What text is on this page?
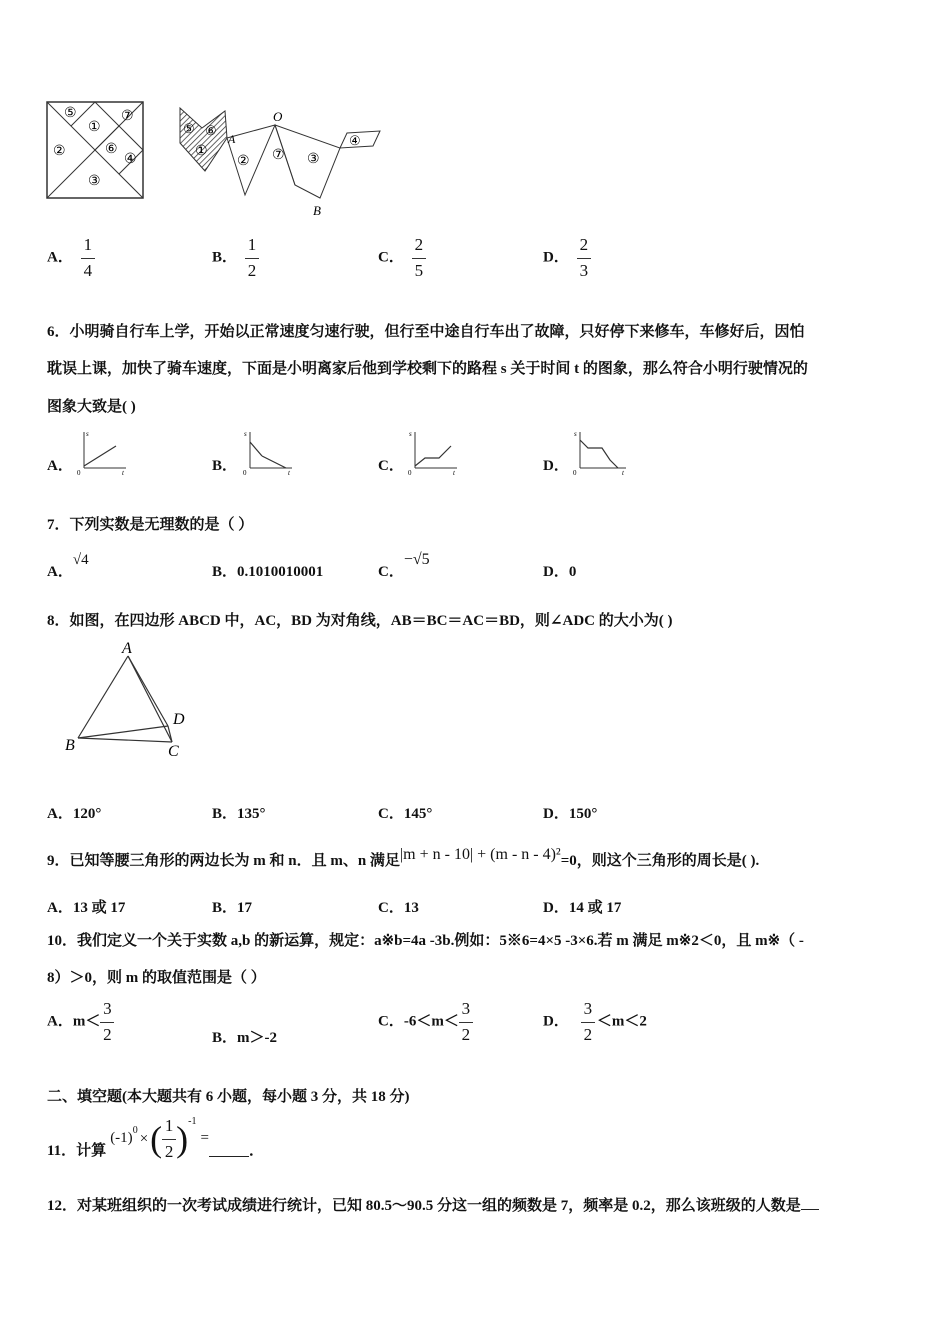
⑤
①
⑦
②	⑥
④
③
⑤ ⑥
①
O
A
B
② ⑦ ③
④
A． $\frac{1}{4}$	B． $\frac{1}{2}$	C． $\frac{2}{5}$	D． $\frac{2}{3}$
6．小明骑自行车上学，开始以正常速度匀速行驶，但行至中途自行车出了故障，只好停下来修车，车修好后，因怕
耽误上课，加快了骑车速度，下面是小明离家后他到学校剩下的路程 s 关于时间 t 的图象，那么符合小明行驶情况的
图象大致是( )
A． 0
s
t	B． 0
s
t	C． 0
s
t	D． 0
s
t
7．下列实数是无理数的是（ ）
A．√4
B．0.1010010001	C．−√5
D．0
8．如图，在四边形 ABCD 中，AC，BD 为对角线，AB＝BC＝AC＝BD，则∠ADC 的大小为( )
A
B	C
D
A．120°	B．135°	C．145°	D．150°
9．已知等腰三角形的两边长为 m 和 n．且 m、n 满足|m + n - 10| + (m - n - 4)²=0，则这个三角形的周长是( ).
A．13 或 17	B．17	C．13	D．14 或 17
10．我们定义一个关于实数 a,b 的新运算，规定：a※b=4a -3b.例如：5※6=4×5 -3×6.若 m 满足 m※2＜0，且 m※（ -
8）＞0，则 m 的取值范围是（ ）
A．$m< \frac{3}{2}$	B．m＞-2
C．$-6<m< \frac{3}{2}$	D． $\frac{3}{2} <m<2$
二、填空题(本大题共有 6 小题，每小题 3 分，共 18 分)
11．计算
(-1) 0
× ( $\frac{1}{2}$ ) -1
=
．
12．对某班组织的一次考试成绩进行统计，已知 80.5～90.5 分这一组的频数是 7，频率是 0.2，那么该班级的人数是
